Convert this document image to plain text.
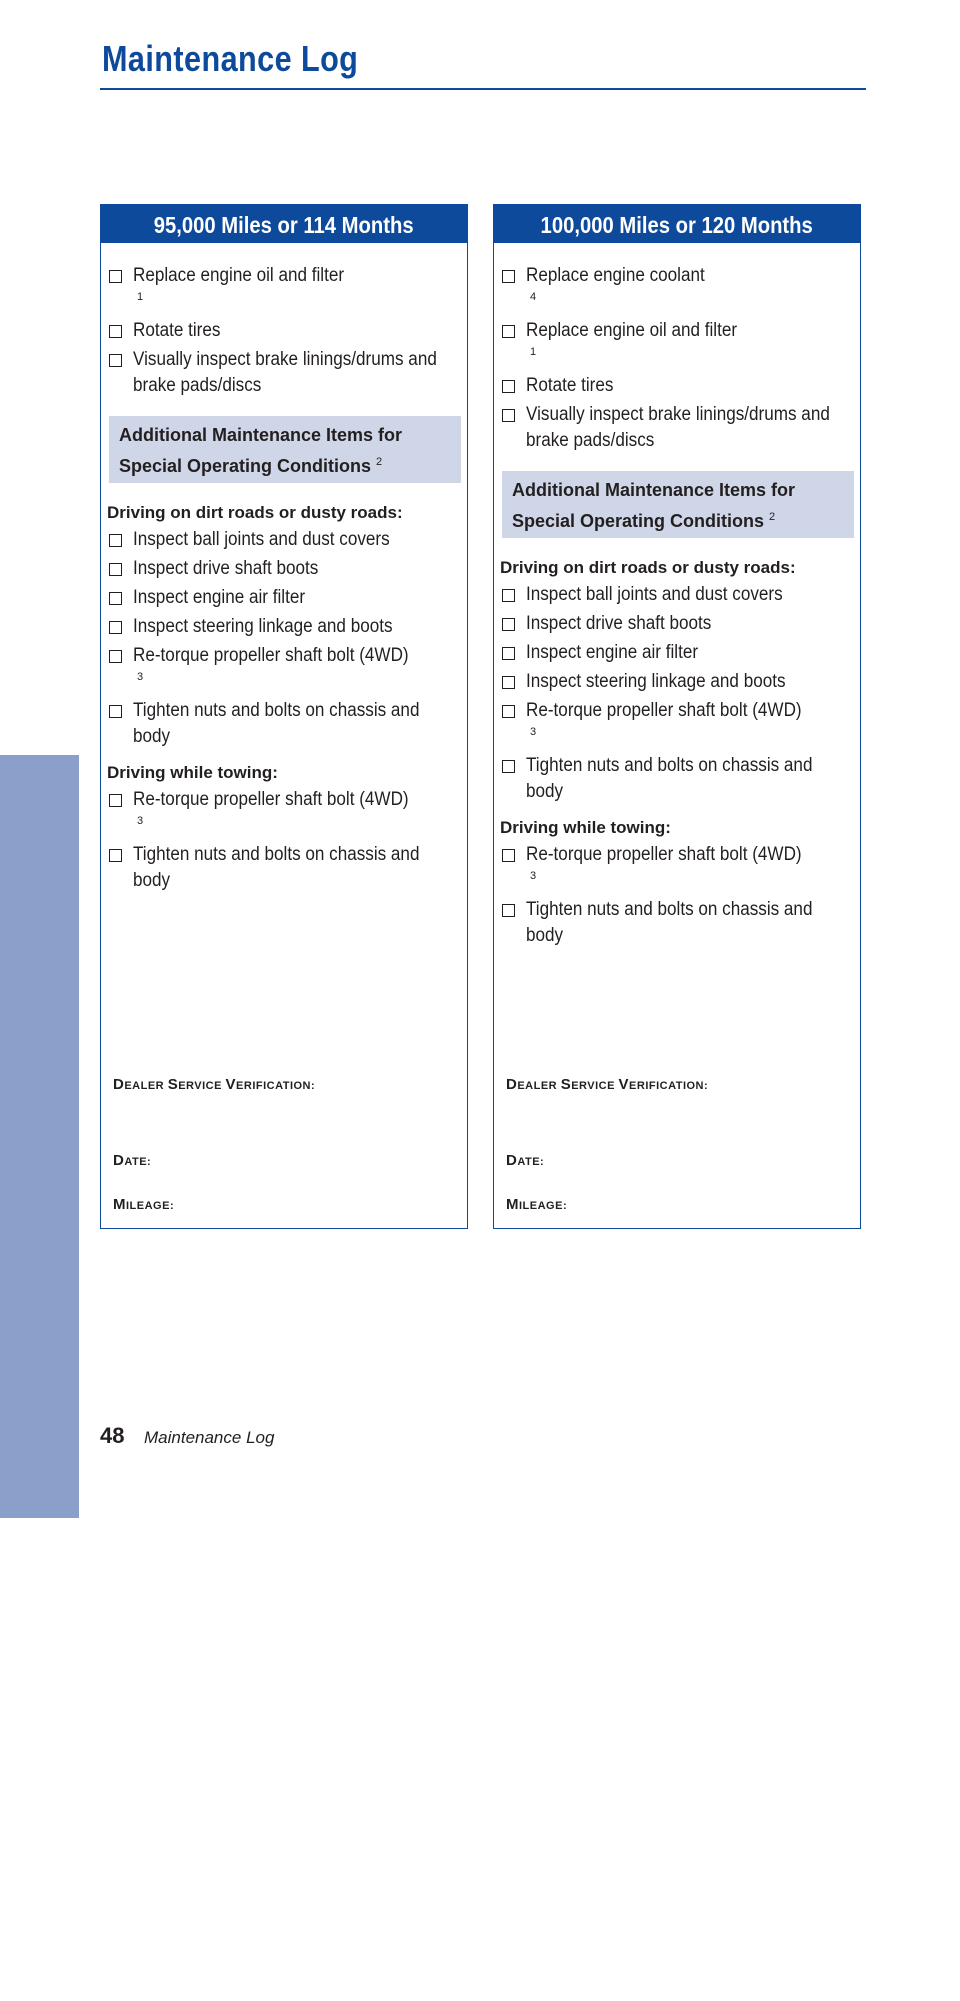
Maintenance Log
MAINTENANCE
95,000 Miles or 114 Months
Replace engine oil and filter$^1$
Rotate tires
Visually inspect brake linings/drums and brake pads/discs
Additional Maintenance Items for Special Operating Conditions $^2$
Driving on dirt roads or dusty roads:
Inspect ball joints and dust covers
Inspect drive shaft boots
Inspect engine air filter
Inspect steering linkage and boots
Re-torque propeller shaft bolt $(4WD)^3$
Tighten nuts and bolts on chassis and body
Driving while towing:
Re-torque propeller shaft bolt $(4WD)^3$
Tighten nuts and bolts on chassis and body
DEALER SERVICE VERIFICATION:
DATE:
MILEAGE:
100,000 Miles or 120 Months
Replace engine coolant$^4$
Replace engine oil and filter$^1$
Rotate tires
Visually inspect brake linings/drums and brake pads/discs
Additional Maintenance Items for Special Operating Conditions $^2$
Driving on dirt roads or dusty roads:
Inspect ball joints and dust covers
Inspect drive shaft boots
Inspect engine air filter
Inspect steering linkage and boots
Re-torque propeller shaft bolt $(4WD)^3$
Tighten nuts and bolts on chassis and body
Driving while towing:
Re-torque propeller shaft bolt $(4WD)^3$
Tighten nuts and bolts on chassis and body
DEALER SERVICE VERIFICATION:
DATE:
MILEAGE:
48 Maintenance Log
